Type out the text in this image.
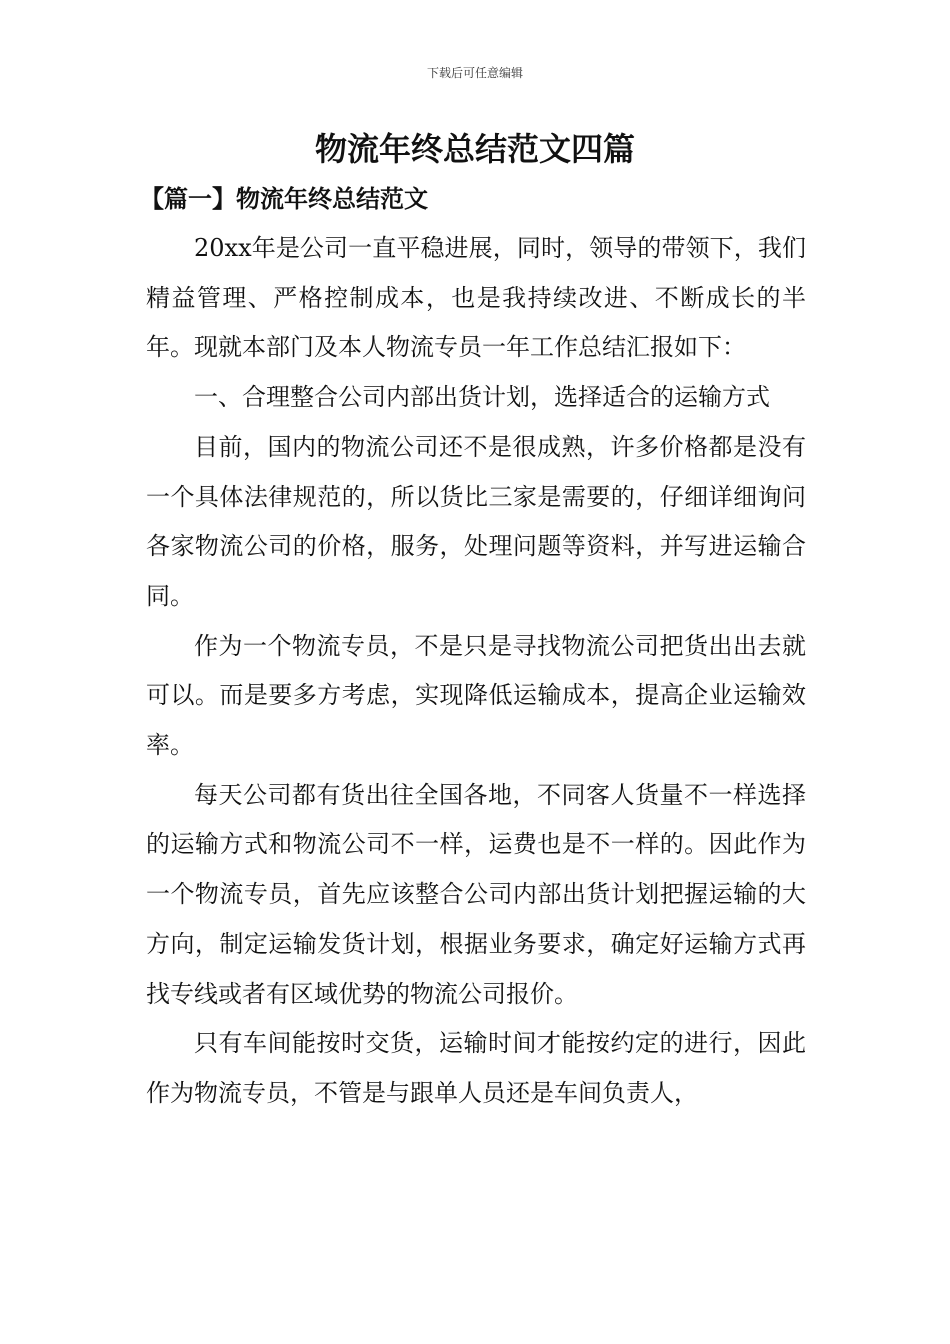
下载后可任意编辑
物流年终总结范文四篇
【篇一】物流年终总结范文

20xx年是公司一直平稳进展，同时，领导的带领下，我们精益管理、严格控制成本，也是我持续改进、不断成长的半年。现就本部门及本人物流专员一年工作总结汇报如下：

一、合理整合公司内部出货计划，选择适合的运输方式

目前，国内的物流公司还不是很成熟，许多价格都是没有一个具体法律规范的，所以货比三家是需要的，仔细详细询问各家物流公司的价格，服务，处理问题等资料，并写进运输合同。

作为一个物流专员，不是只是寻找物流公司把货出出去就可以。而是要多方考虑，实现降低运输成本，提高企业运输效率。

每天公司都有货出往全国各地，不同客人货量不一样选择的运输方式和物流公司不一样，运费也是不一样的。因此作为一个物流专员，首先应该整合公司内部出货计划把握运输的大方向，制定运输发货计划，根据业务要求，确定好运输方式再找专线或者有区域优势的物流公司报价。

只有车间能按时交货，运输时间才能按约定的进行，因此作为物流专员，不管是与跟单人员还是车间负责人，
